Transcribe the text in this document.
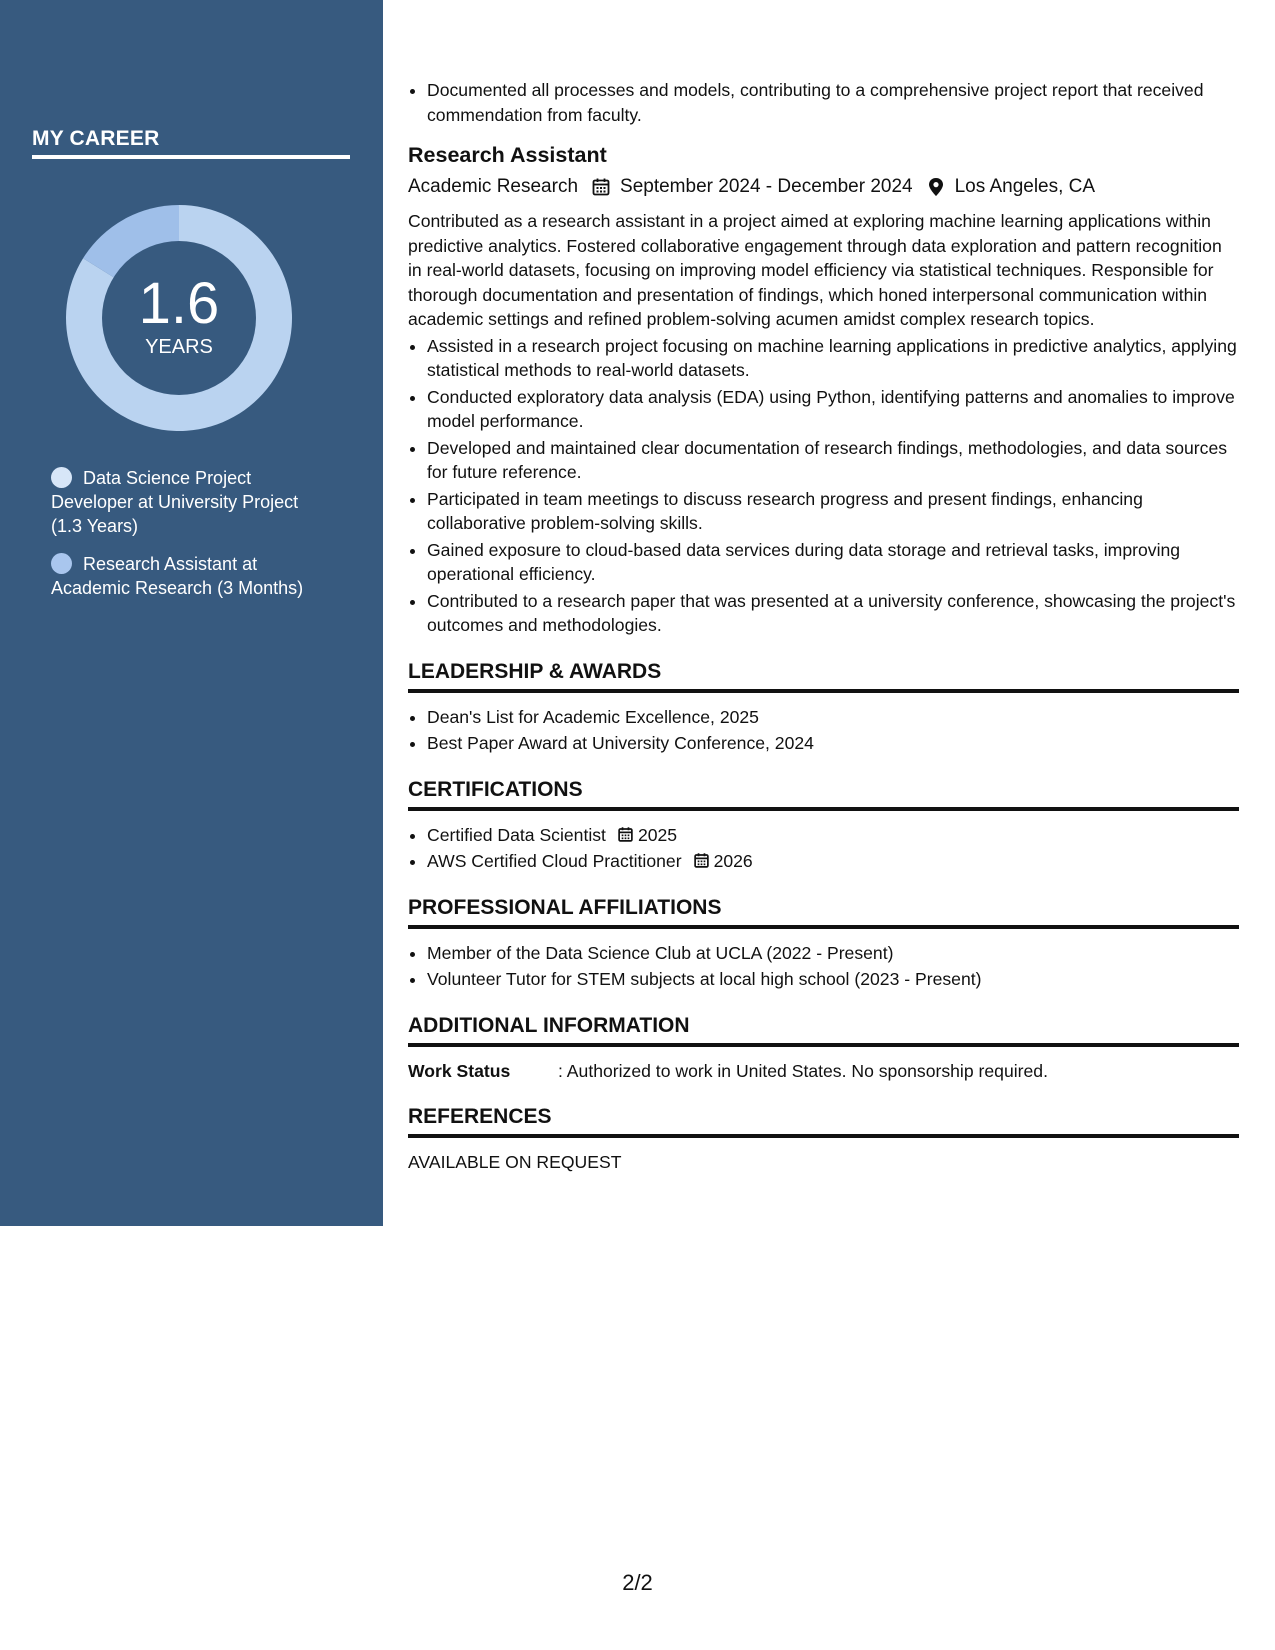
MY CAREER
1.6
YEARS
Data Science Project Developer at University Project (1.3 Years)
Research Assistant at Academic Research (3 Months)
• Documented all processes and models, contributing to a comprehensive project report that received commendation from faculty.
Research Assistant
Academic Research September 2024 - December 2024 Los Angeles, CA
Contributed as a research assistant in a project aimed at exploring machine learning applications within predictive analytics. Fostered collaborative engagement through data exploration and pattern recognition in real-world datasets, focusing on improving model efficiency via statistical techniques. Responsible for thorough documentation and presentation of findings, which honed interpersonal communication within academic settings and refined problem-solving acumen amidst complex research topics.
• Assisted in a research project focusing on machine learning applications in predictive analytics, applying statistical methods to real-world datasets.
• Conducted exploratory data analysis (EDA) using Python, identifying patterns and anomalies to improve model performance.
• Developed and maintained clear documentation of research findings, methodologies, and data sources for future reference.
• Participated in team meetings to discuss research progress and present findings, enhancing collaborative problem-solving skills.
• Gained exposure to cloud-based data services during data storage and retrieval tasks, improving operational efficiency.
• Contributed to a research paper that was presented at a university conference, showcasing the project's outcomes and methodologies.
LEADERSHIP & AWARDS
• Dean's List for Academic Excellence, 2025
• Best Paper Award at University Conference, 2024
CERTIFICATIONS
• Certified Data Scientist 2025
• AWS Certified Cloud Practitioner 2026
PROFESSIONAL AFFILIATIONS
• Member of the Data Science Club at UCLA (2022 - Present)
• Volunteer Tutor for STEM subjects at local high school (2023 - Present)
ADDITIONAL INFORMATION
Work Status	: Authorized to work in United States. No sponsorship required.
REFERENCES
AVAILABLE ON REQUEST
2/2
